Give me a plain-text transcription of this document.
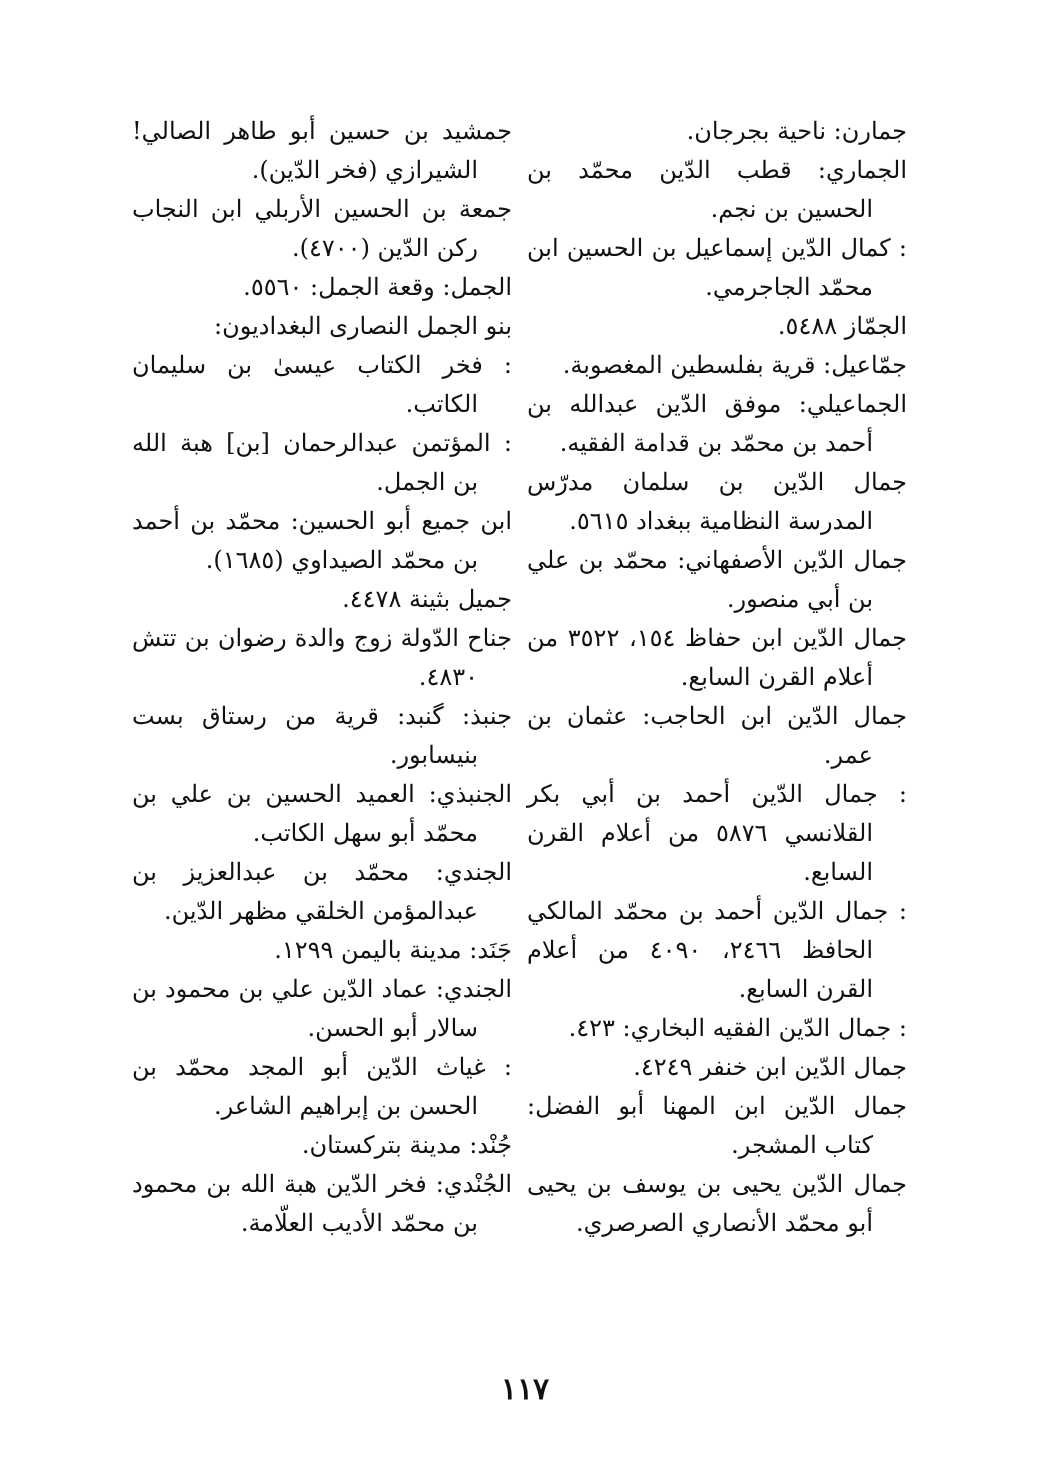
جمارن: ناحية بجرجان.

الجماري: قطب الدّين محمّد بن الحسين بن نجم.

: كمال الدّين إسماعيل بن الحسين ابن محمّد الجاجرمي.

الجمّاز ٥٤٨٨.

جمّاعيل: قرية بفلسطين المغصوبة.

الجماعيلي: موفق الدّين عبدالله بن أحمد بن محمّد بن قدامة الفقيه.

جمال الدّين بن سلمان مدرّس المدرسة النظامية ببغداد ٥٦١٥.

جمال الدّين الأصفهاني: محمّد بن علي بن أبي منصور.

جمال الدّين ابن حفاظ ١٥٤، ٣٥٢٢ من أعلام القرن السابع.

جمال الدّين ابن الحاجب: عثمان بن عمر.

: جمال الدّين أحمد بن أبي بكر القلانسي ٥٨٧٦ من أعلام القرن السابع.

: جمال الدّين أحمد بن محمّد المالكي الحافظ ٢٤٦٦، ٤٠٩٠ من أعلام القرن السابع.

: جمال الدّين الفقيه البخاري: ٤٢٣.

جمال الدّين ابن خنفر ٤٢٤٩.

جمال الدّين ابن المهنا أبو الفضل: كتاب المشجر.

جمال الدّين يحيى بن يوسف بن يحيى أبو محمّد الأنصاري الصرصري.

جمشيد بن حسين أبو طاهر الصالي! الشيرازي (فخر الدّين).

جمعة بن الحسين الأربلي ابن النجاب ركن الدّين (٤٧٠٠).

الجمل: وقعة الجمل: ٥٥٦٠.

بنو الجمل النصارى البغداديون:

: فخر الكتاب عيسىٰ بن سليمان الكاتب.

: المؤتمن عبدالرحمان [بن] هبة الله بن الجمل.

ابن جميع أبو الحسين: محمّد بن أحمد بن محمّد الصيداوي (١٦٨٥).

جميل بثينة ٤٤٧٨.

جناح الدّولة زوج والدة رضوان بن تتش ٤٨٣٠.

جنبذ: گنبد: قرية من رستاق بست بنيسابور.

الجنبذي: العميد الحسين بن علي بن محمّد أبو سهل الكاتب.

الجندي: محمّد بن عبدالعزيز بن عبدالمؤمن الخلقي مظهر الدّين.

جَنَد: مدينة باليمن ١٢٩٩.

الجندي: عماد الدّين علي بن محمود بن سالار أبو الحسن.

: غياث الدّين أبو المجد محمّد بن الحسن بن إبراهيم الشاعر.

جُنْد: مدينة بتركستان.

الجُنْدي: فخر الدّين هبة الله بن محمود بن محمّد الأديب العلّامة.

١١٧
